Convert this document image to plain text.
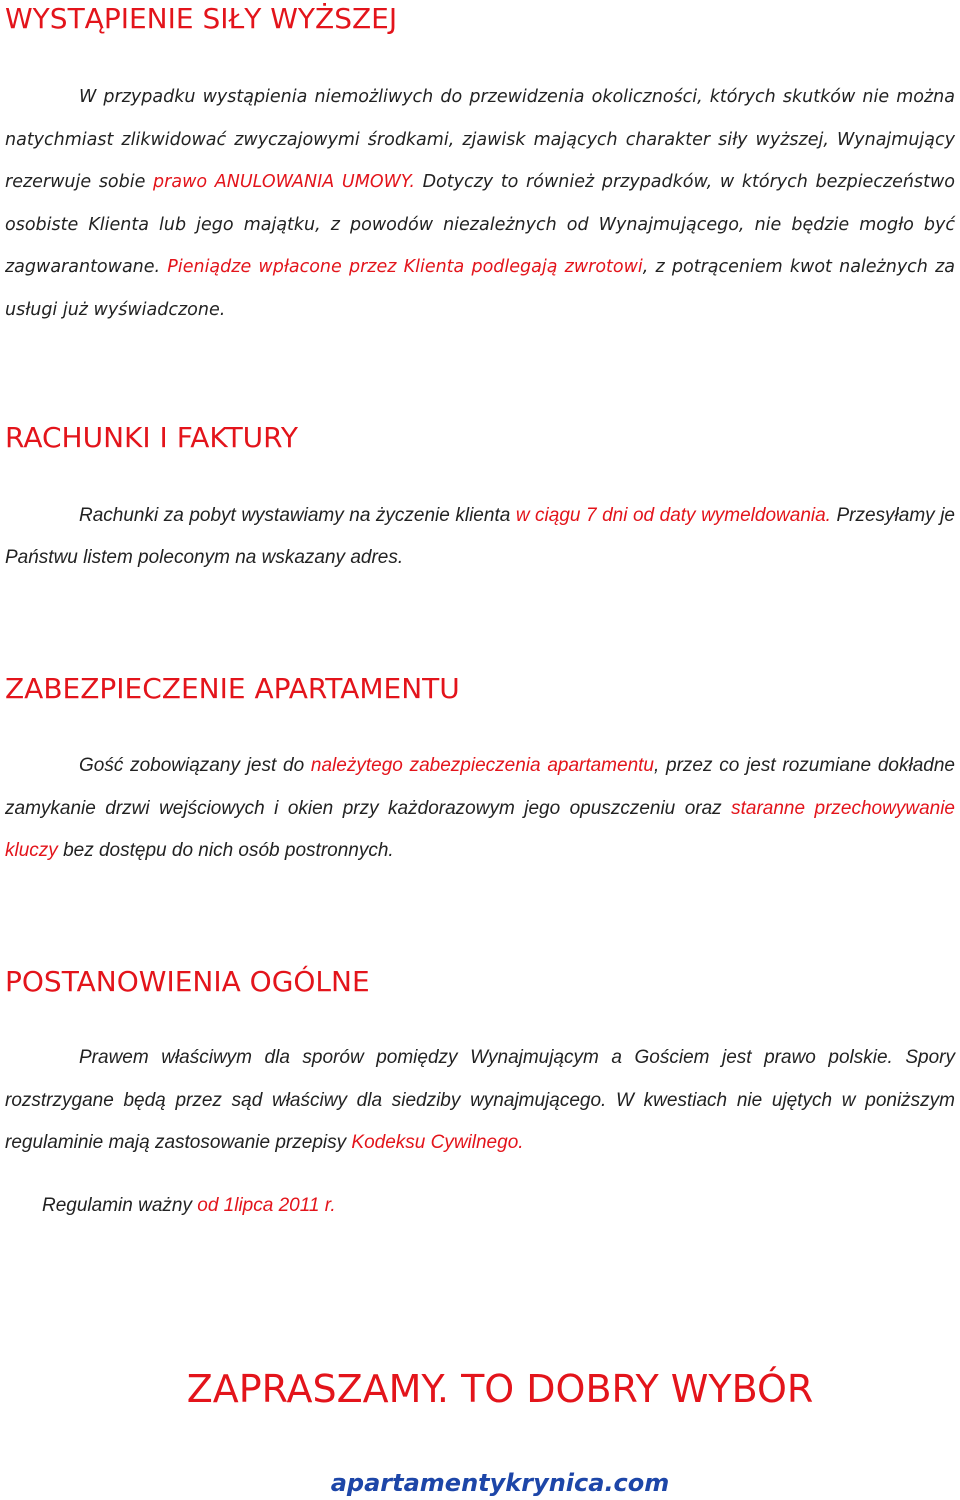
WYSTĄPIENIE SIŁY WYŻSZEJ

W przypadku wystąpienia niemożliwych do przewidzenia okoliczności, których skutków nie można natychmiast zlikwidować zwyczajowymi środkami, zjawisk mających charakter siły wyższej, Wynajmujący rezerwuje sobie prawo ANULOWANIA UMOWY. Dotyczy to również przypadków, w których bezpieczeństwo osobiste Klienta lub jego majątku, z powodów niezależnych od Wynajmującego, nie będzie mogło być zagwarantowane. Pieniądze wpłacone przez Klienta podlegają zwrotowi, z potrąceniem kwot należnych za usługi już wyświadczone.

RACHUNKI I FAKTURY

Rachunki za pobyt wystawiamy na życzenie klienta w ciągu 7 dni od daty wymeldowania. Przesyłamy je Państwu listem poleconym na wskazany adres.

ZABEZPIECZENIE APARTAMENTU

Gość zobowiązany jest do należytego zabezpieczenia apartamentu, przez co jest rozumiane dokładne zamykanie drzwi wejściowych i okien przy każdorazowym jego opuszczeniu oraz staranne przechowywanie kluczy bez dostępu do nich osób postronnych.

POSTANOWIENIA OGÓLNE

Prawem właściwym dla sporów pomiędzy Wynajmującym a Gościem jest prawo polskie. Spory rozstrzygane będą przez sąd właściwy dla siedziby wynajmującego. W kwestiach nie ujętych w poniższym regulaminie mają zastosowanie przepisy Kodeksu Cywilnego.

Regulamin ważny od 1lipca 2011 r.

ZAPRASZAMY. TO DOBRY WYBÓR

apartamentykrynica.com
